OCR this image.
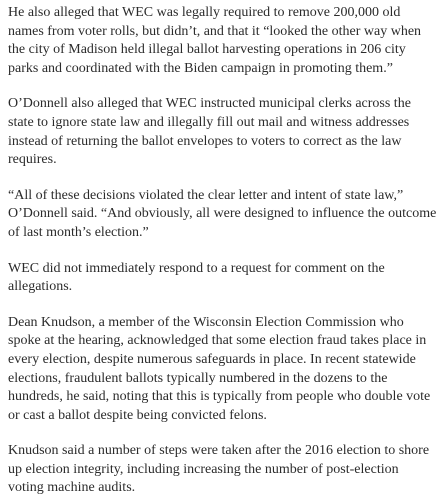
He also alleged that WEC was legally required to remove 200,000 old names from voter rolls, but didn’t, and that it “looked the other way when the city of Madison held illegal ballot harvesting operations in 206 city parks and coordinated with the Biden campaign in promoting them.”

O’Donnell also alleged that WEC instructed municipal clerks across the state to ignore state law and illegally fill out mail and witness addresses instead of returning the ballot envelopes to voters to correct as the law requires.

“All of these decisions violated the clear letter and intent of state law,” O’Donnell said. “And obviously, all were designed to influence the outcome of last month’s election.”

WEC did not immediately respond to a request for comment on the allegations.

Dean Knudson, a member of the Wisconsin Election Commission who spoke at the hearing, acknowledged that some election fraud takes place in every election, despite numerous safeguards in place. In recent statewide elections, fraudulent ballots typically numbered in the dozens to the hundreds, he said, noting that this is typically from people who double vote or cast a ballot despite being convicted felons.

Knudson said a number of steps were taken after the 2016 election to shore up election integrity, including increasing the number of post-election voting machine audits.
